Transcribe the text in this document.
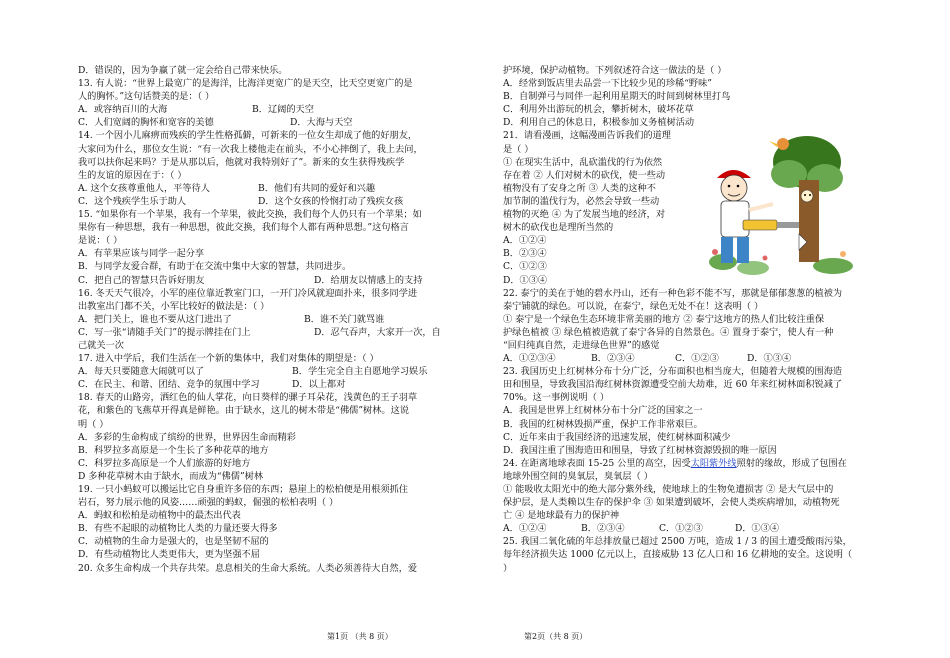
D．错误的，因为争赢了就一定会给自己带来快乐。
13. 有人说：“世界上最宽广的是海洋，比海洋更宽广的是天空，比天空更宽广的是
人的胸怀。”这句话赞美的是：（ ）
A．或容纳百川的大海	B．辽阔的天空
C．人们宽阔的胸怀和宽容的美德	D．大海与天空
14. 一个因小儿麻痹而残疾的学生性格孤僻，可新来的一位女生却成了他的好朋友，
大家问为什么，那位女生说：“有一次我上楼他走在前头，不小心摔倒了，我上去问，
我可以扶你起来吗？于是从那以后，他就对我特别好了”。新来的女生获得残疾学
生的友谊的原因在于：（ ）
A. 这个女孩尊重他人，平等待人	B．他们有共同的爱好和兴趣
C．这个残疾学生乐于助人	D．这个女孩的怜悯打动了残疾女孩
15. “如果你有一个苹果，我有一个苹果，彼此交换，我们每个人仍只有一个苹果；如
果你有一种思想，我有一种思想，彼此交换，我们每个人都有两种思想。”这句格言
是说：（ ）
A．有苹果应该与同学一起分享
B．与同学友爱合群，有助于在交流中集中大家的智慧，共同进步。
C．把自己的智慧只告诉好朋友	D．给朋友以情感上的支持
16. 冬天天气很冷，小军的座位靠近教室门口，一开门冷风就迎面扑来，很多同学进
出教室出门都不关，小军比较好的做法是：（ ）
A．把门关上，谁也不要从这门进出了	B．谁不关门就骂谁
C．写一张“请随手关门”的提示牌挂在门上	D．忍气吞声，大家开一次，自
己就关一次
17. 进入中学后，我们生活在一个新的集体中，我们对集体的期望是：（ ）
A．每天只要随意大闹就可以了	B．学生完全自主自愿地学习娱乐
C．在民主、和谐、团结、竞争的氛围中学习	D．以上都对
18. 春天的山路旁，洒红色的仙人掌花，向日葵样的骡子耳朵花，浅黄色的王子羽草
花，和紫色的飞燕草开得真是鲜艳。由于缺水，这儿的树木带是“佛儒”树林。这说
明（ ）
A．多彩的生命构成了缤纷的世界，世界因生命而精彩
B．科罗拉多高原是一个生长了多种花草的地方
C．科罗拉多高原是一个人们旅游的好地方
D 多种花草树木由于缺水，而成为“佛儒”树林
19. 一只小蚂蚁可以搬运比它自身重许多倍的东西；悬崖上的松柏便是用根须抓住
岩石，努力展示他的风姿……顽强的蚂蚁，倔强的松柏表明（ ）
A．蚂蚁和松柏是动植物中的最杰出代表
B．有些不起眼的动植物比人类的力量还要大得多
C．动植物的生命力是强大的，也是坚韧不屈的
D．有些动植物比人类更伟大，更为坚强不屈
20. 众多生命构成一个共存共荣。息息相关的生命大系统。人类必须善待大自然，爱
护环境，保护动植物。下列叙述符合这一做法的是（ ）
A．经常到饭店里去品尝一下比较少见的珍稀“野味”
B．自制弹弓与同伴一起利用星期天的时间到树林里打鸟
C．利用外出游玩的机会，攀折树木，破坏花草
D．利用自己的休息日，积极参加义务植树活动
21．请看漫画，这幅漫画告诉我们的道理
是（ ）
① 在现实生活中，乱砍滥伐的行为依然
存在着 ② 人们对树木的砍伐，使一些动
植物没有了安身之所 ③ 人类的这种不
加节制的滥伐行为，必然会导致一些动
植物的灭绝 ④ 为了发展当地的经济，对
树木的砍伐也是理所当然的
A．①②④
B．②③④
C．①②③
D．①③④
22. 泰宁的美在于她的碧水丹山，还有一种色彩不能不写，那就是郁郁葱葱的植被为
泰宁铺就的绿色。可以说，在泰宁，绿色无处不在！这表明（ ）
① 泰宁是一个绿色生态环境非常美丽的地方 ② 泰宁这地方的热人们比较注重保
护绿色植被 ③ 绿色植被造就了泰宁各异的自然景色。④ 置身于泰宁，使人有一种
“回归纯真自然，走进绿色世界”的感觉
A．①②③④	B．②③④	C．①②③	D．①③④
23. 我国历史上红树林分布十分广泛，分布面积也相当庞大，但随着大规模的围海造
田和围垦，导致我国沿海红树林资源遭受空前大劫难，近 60 年来红树林面积锐减了
70%。这一事例说明（ ）
A．我国是世界上红树林分布十分广泛的国家之一
B．我国的红树林毁损严重，保护工作非常艰巨。
C．近年来由于我国经济的迅速发展，使红树林面积减少
D．我国注重了围海造田和围垦，导致了红树林资源毁损的唯一原因
24. 在距离地球表面 15-25 公里的高空，因受太阳紫外线照射的缘故，形成了包围在
地球外围空间的臭氧层，臭氧层（ ）
① 能吸收太阳光中的绝大部分紫外线，使地球上的生物免遭损害 ② 是大气层中的
保护层，是人类赖以生存的保护伞 ③ 如果遭到破坏，会使人类疾病增加，动植物死
亡 ④ 是地球最有力的保护神
A．①②④	B．②③④	C．①②③	D．①③④
25. 我国二氧化硫的年总排放量已超过 2500 万吨，造成 1 / 3 的国土遭受酸雨污染，
每年经济损失达 1000 亿元以上，直接威胁 13 亿人口和 16 亿耕地的安全。这说明（
）
第1页 （共 8 页）	第2页（共 8 页）
